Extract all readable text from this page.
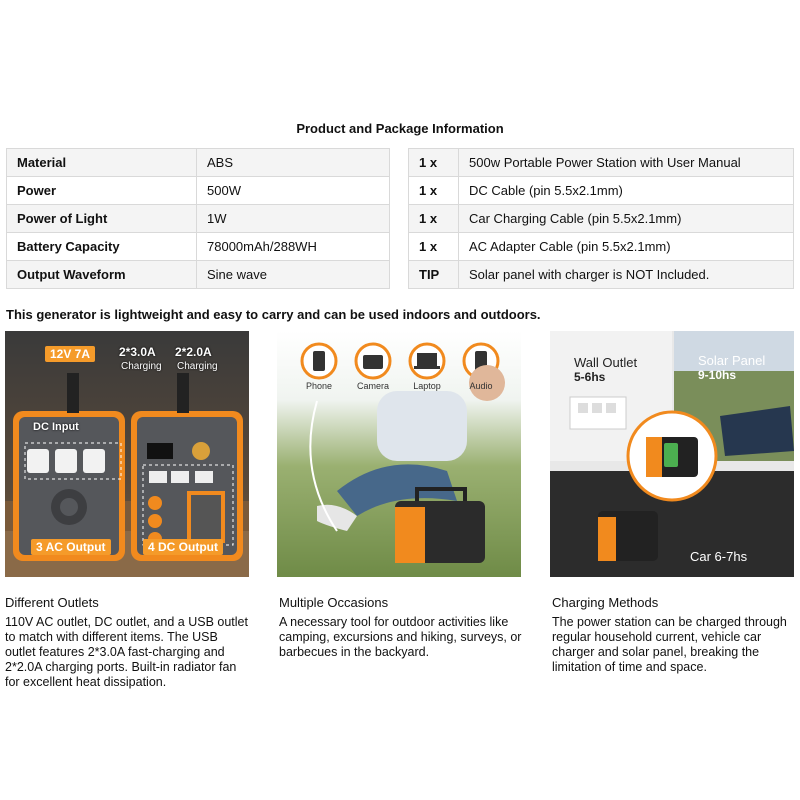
Product and Package Information
Material	ABS
Power	500W
Power of Light	1W
Battery Capacity	78000mAh/288WH
Output Waveform	Sine wave
1 x	500w Portable Power Station with User Manual
1 x	DC Cable (pin 5.5x2.1mm)
1 x	Car Charging Cable (pin 5.5x2.1mm)
1 x	AC Adapter Cable (pin 5.5x2.1mm)
TIP	Solar panel with charger is NOT Included.
This generator is lightweight and easy to carry and can be used indoors and outdoors.
12V 7A	2*3.0A
Charging
2*2.0A
Charging
DC Input
3 AC Output	4 DC Output
Phone	Camera	Laptop	Audio
Wall Outlet
5-6hs
Solar Panel
9-10hs
Car 6-7hs
Different Outlets
110V AC outlet, DC outlet, and a USB outlet to match with different items. The USB outlet features 2*3.0A fast-charging and 2*2.0A charging ports. Built-in radiator fan for excellent heat dissipation.
Multiple Occasions
A necessary tool for outdoor activities like camping, excursions and hiking, surveys, or barbecues in the backyard.
Charging Methods
The power station can be charged through regular household current, vehicle car charger and solar panel, breaking the limitation of time and space.
